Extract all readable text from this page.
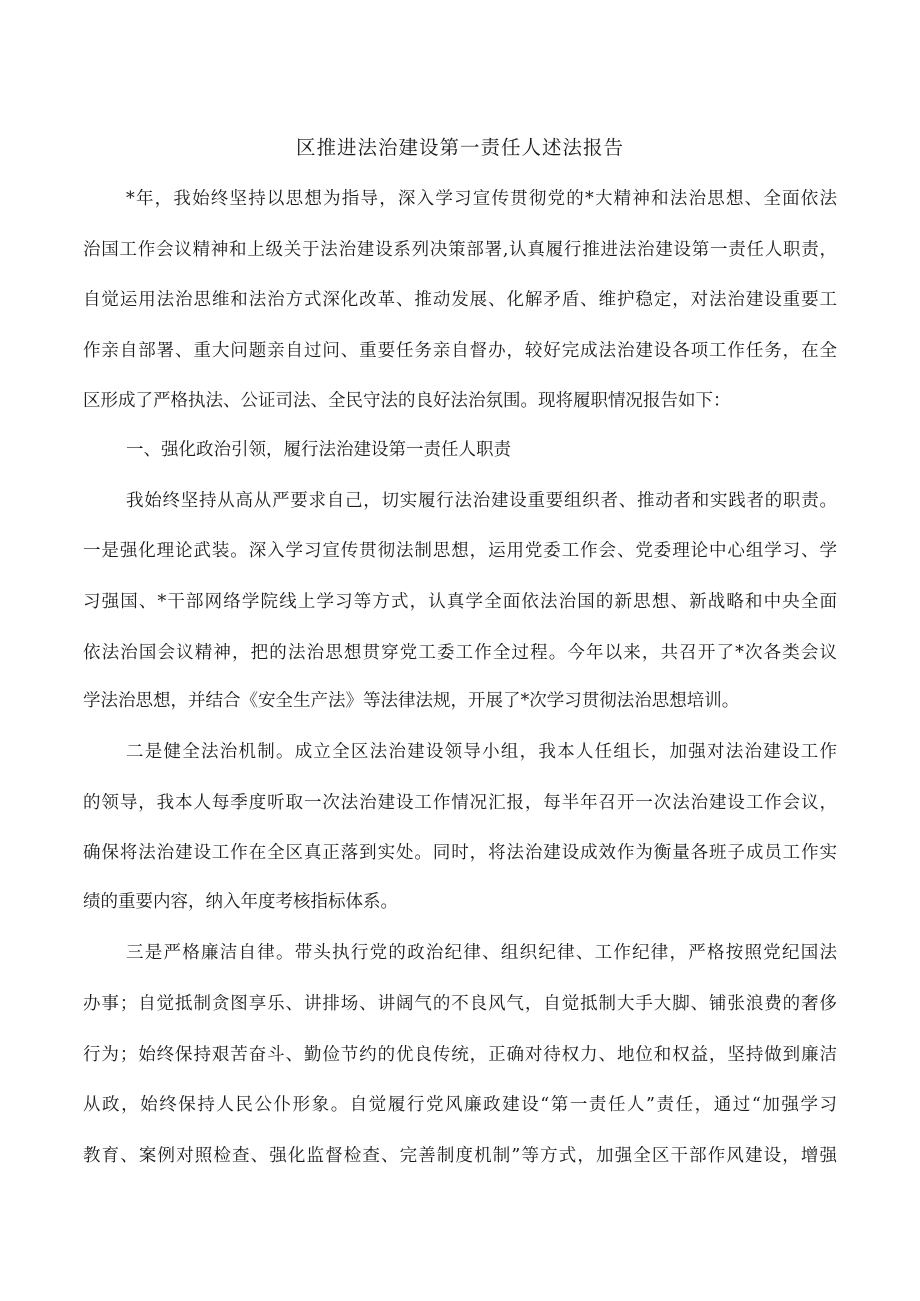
区推进法治建设第一责任人述法报告
*年，我始终坚持以思想为指导，深入学习宣传贯彻党的*大精神和法治思想、全面依法
治国工作会议精神和上级关于法治建设系列决策部署,认真履行推进法治建设第一责任人职责，
自觉运用法治思维和法治方式深化改革、推动发展、化解矛盾、维护稳定，对法治建设重要工
作亲自部署、重大问题亲自过问、重要任务亲自督办，较好完成法治建设各项工作任务，在全
区形成了严格执法、公证司法、全民守法的良好法治氛围。现将履职情况报告如下：
一、强化政治引领，履行法治建设第一责任人职责
我始终坚持从高从严要求自己，切实履行法治建设重要组织者、推动者和实践者的职责。
一是强化理论武装。深入学习宣传贯彻法制思想，运用党委工作会、党委理论中心组学习、学
习强国、*干部网络学院线上学习等方式，认真学全面依法治国的新思想、新战略和中央全面
依法治国会议精神，把的法治思想贯穿党工委工作全过程。今年以来，共召开了*次各类会议
学法治思想，并结合《安全生产法》等法律法规，开展了*次学习贯彻法治思想培训。
二是健全法治机制。成立全区法治建设领导小组，我本人任组长，加强对法治建设工作
的领导，我本人每季度听取一次法治建设工作情况汇报，每半年召开一次法治建设工作会议，
确保将法治建设工作在全区真正落到实处。同时，将法治建设成效作为衡量各班子成员工作实
绩的重要内容，纳入年度考核指标体系。
三是严格廉洁自律。带头执行党的政治纪律、组织纪律、工作纪律，严格按照党纪国法
办事；自觉抵制贪图享乐、讲排场、讲阔气的不良风气，自觉抵制大手大脚、铺张浪费的奢侈
行为；始终保持艰苦奋斗、勤俭节约的优良传统，正确对待权力、地位和权益，坚持做到廉洁
从政，始终保持人民公仆形象。自觉履行党风廉政建设“第一责任人”责任，通过“加强学习
教育、案例对照检查、强化监督检查、完善制度机制”等方式，加强全区干部作风建设，增强
